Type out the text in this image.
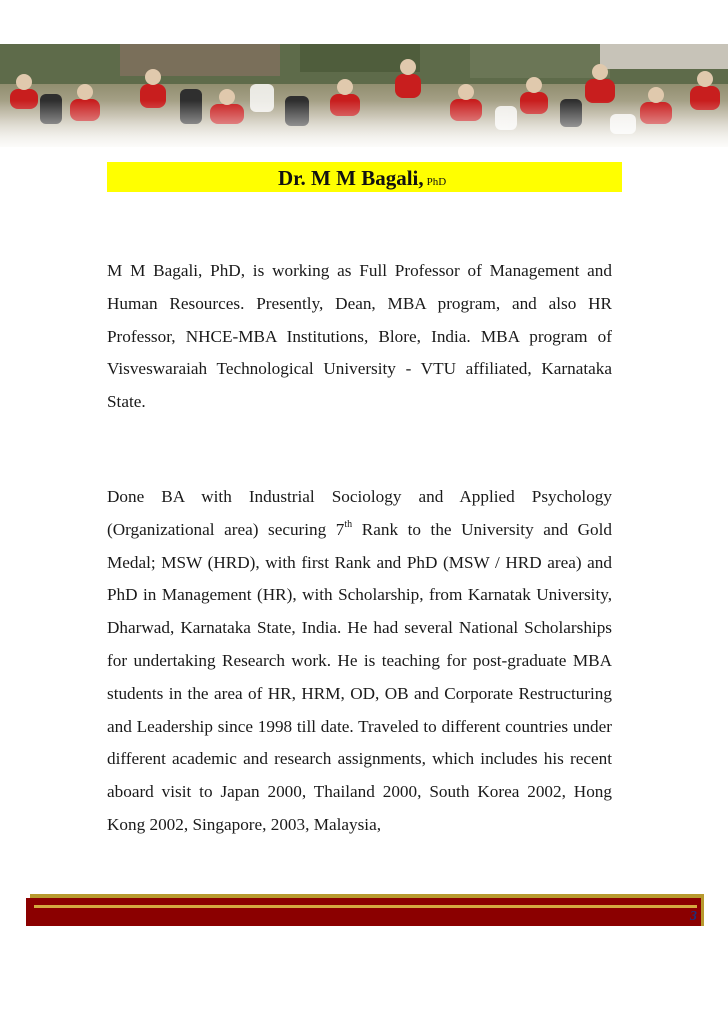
Dr. M M Bagali, PhD

M M Bagali, PhD, is working as Full Professor of Management and Human Resources. Presently, Dean, MBA program, and also HR Professor, NHCE-MBA Institutions, Blore, India. MBA program of Visveswaraiah Technological University - VTU affiliated, Karnataka State.

Done BA with Industrial Sociology and Applied Psychology (Organizational area) securing 7th Rank to the University and Gold Medal; MSW (HRD), with first Rank and PhD (MSW / HRD area) and PhD in Management (HR), with Scholarship, from Karnatak University, Dharwad, Karnataka State, India. He had several National Scholarships for undertaking Research work. He is teaching for post-graduate MBA students in the area of HR, HRM, OD, OB and Corporate Restructuring and Leadership since 1998 till date. Traveled to different countries under different academic and research assignments, which includes his recent aboard visit to Japan 2000, Thailand 2000, South Korea 2002, Hong Kong 2002, Singapore, 2003, Malaysia,

3
